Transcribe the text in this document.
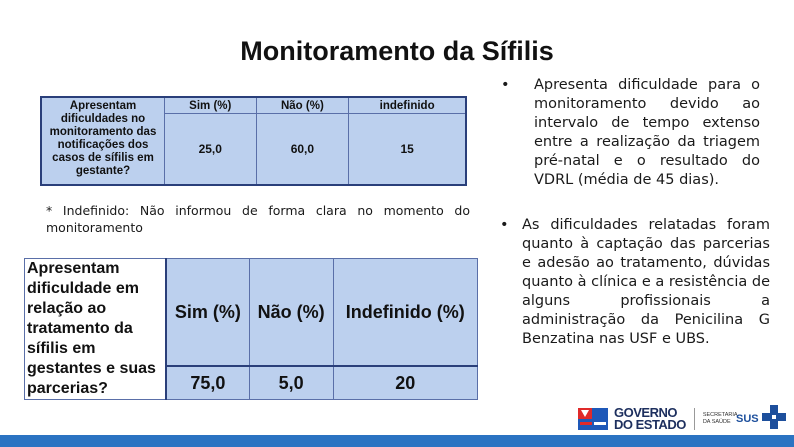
Monitoramento da Sífilis
Apresentam dificuldades no monitoramento das notificações dos casos de sífilis em gestante?	Sim (%)	Não (%)	indefinido
	25,0	60,0	15
* Indefinido: Não informou de forma clara no momento do monitoramento
Apresentam dificuldade em relação ao tratamento da sífilis em gestantes e suas parcerias?	Sim (%)	Não (%)	Indefinido (%)
	75,0	5,0	20
• Apresenta dificuldade para o monitoramento devido ao intervalo de tempo extenso entre a realização da triagem pré-natal e o resultado do VDRL (média de 45 dias).
• As dificuldades relatadas foram quanto à captação das parcerias e adesão ao tratamento, dúvidas quanto à clínica e a resistência de alguns profissionais a administração da Penicilina G Benzatina nas USF e UBS.
GOVERNO
DO ESTADO
SECRETARIA
DA SAÚDE SUS
